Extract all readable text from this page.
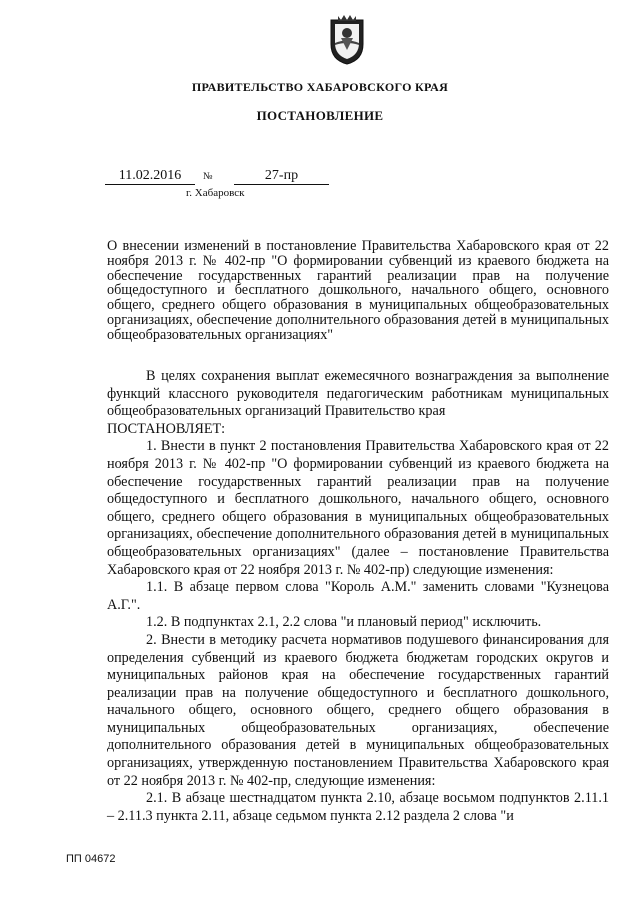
ПРАВИТЕЛЬСТВО ХАБАРОВСКОГО КРАЯ
ПОСТАНОВЛЕНИЕ
11.02.2016	№	27-пр
г. Хабаровск
О внесении изменений в постановление Правительства Хабаровского края от 22 ноября 2013 г. № 402-пр "О формировании субвенций из краевого бюджета на обеспечение государственных гарантий реализации прав на получение общедоступного и бесплатного дошкольного, начального общего, основного общего, среднего общего образования в муниципальных общеобразовательных организациях, обеспечение дополнительного образования детей в муниципальных общеобразовательных организациях"

В целях сохранения выплат ежемесячного вознаграждения за выполнение функций классного руководителя педагогическим работникам муниципальных общеобразовательных организаций Правительство края

ПОСТАНОВЛЯЕТ:

1. Внести в пункт 2 постановления Правительства Хабаровского края от 22 ноября 2013 г. № 402-пр "О формировании субвенций из краевого бюджета на обеспечение государственных гарантий реализации прав на получение общедоступного и бесплатного дошкольного, начального общего, основного общего, среднего общего образования в муниципальных общеобразовательных организациях, обеспечение дополнительного образования детей в муниципальных общеобразовательных организациях" (далее – постановление Правительства Хабаровского края от 22 ноября 2013 г. № 402-пр) следующие изменения:

1.1. В абзаце первом слова "Король А.М." заменить словами "Кузнецова А.Г.".

1.2. В подпунктах 2.1, 2.2 слова "и плановый период" исключить.

2. Внести в методику расчета нормативов подушевого финансирования для определения субвенций из краевого бюджета бюджетам городских округов и муниципальных районов края на обеспечение государственных гарантий реализации прав на получение общедоступного и бесплатного дошкольного, начального общего, основного общего, среднего общего образования в муниципальных общеобразовательных организациях, обеспечение дополнительного образования детей в муниципальных общеобразовательных организациях, утвержденную постановлением Правительства Хабаровского края от 22 ноября 2013 г. № 402-пр, следующие изменения:

2.1. В абзаце шестнадцатом пункта 2.10, абзаце восьмом подпунктов 2.11.1 – 2.11.3 пункта 2.11, абзаце седьмом пункта 2.12 раздела 2 слова "и

ПП 04672
